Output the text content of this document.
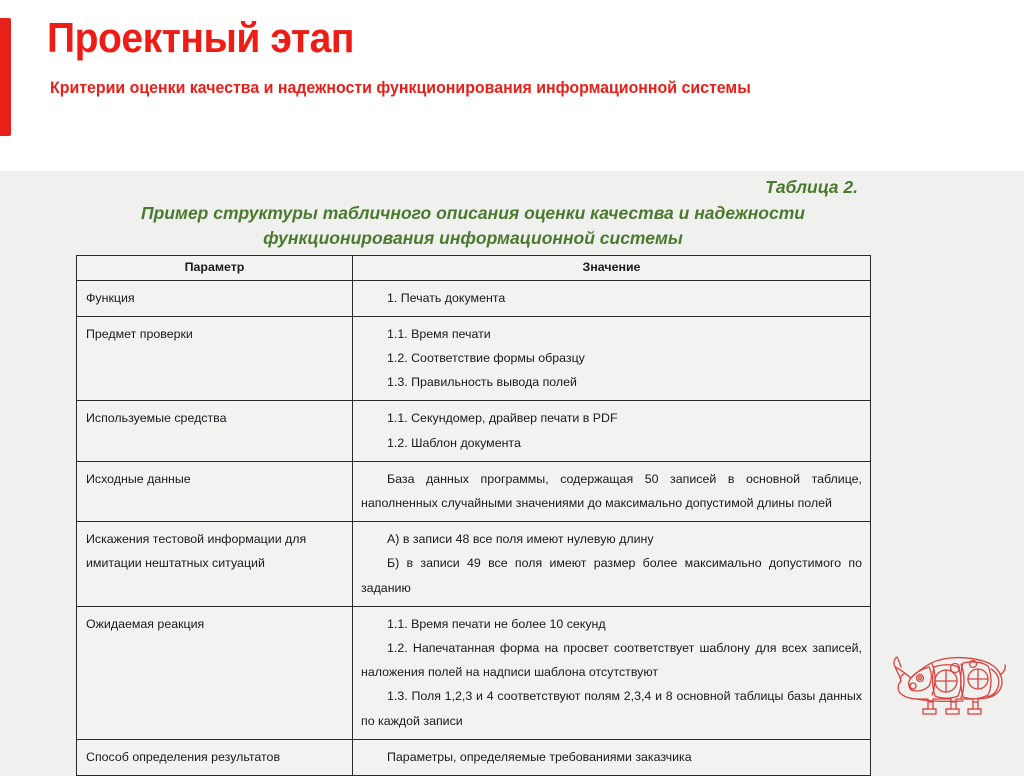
Проектный этап
Критерии оценки качества и надежности функционирования информационной системы
Таблица 2.
Пример структуры табличного описания оценки качества и надежности
функционирования информационной системы
Параметр	Значение

Функция	1. Печать документа

Предмет проверки	1.1. Время печати

1.2. Соответствие формы образцу

1.3. Правильность вывода полей

Используемые средства	1.1. Секундомер, драйвер печати в PDF

1.2. Шаблон документа

Исходные данные	База данных программы, содержащая 50 записей в основной таблице, наполненных случайными значениями до максимально допустимой длины полей

Искажения тестовой информации для имитации нештатных ситуаций	А) в записи 48 все поля имеют нулевую длину

Б) в записи 49 все поля имеют размер более максимально допустимого по заданию

Ожидаемая реакция	1.1. Время печати не более 10 секунд

1.2. Напечатанная форма на просвет соответствует шаблону для всех записей, наложения полей на надписи шаблона отсутствуют

1.3. Поля 1,2,3 и 4 соответствуют полям 2,3,4 и 8 основной таблицы базы данных по каждой записи

Способ определения результатов	Параметры, определяемые требованиями заказчика
